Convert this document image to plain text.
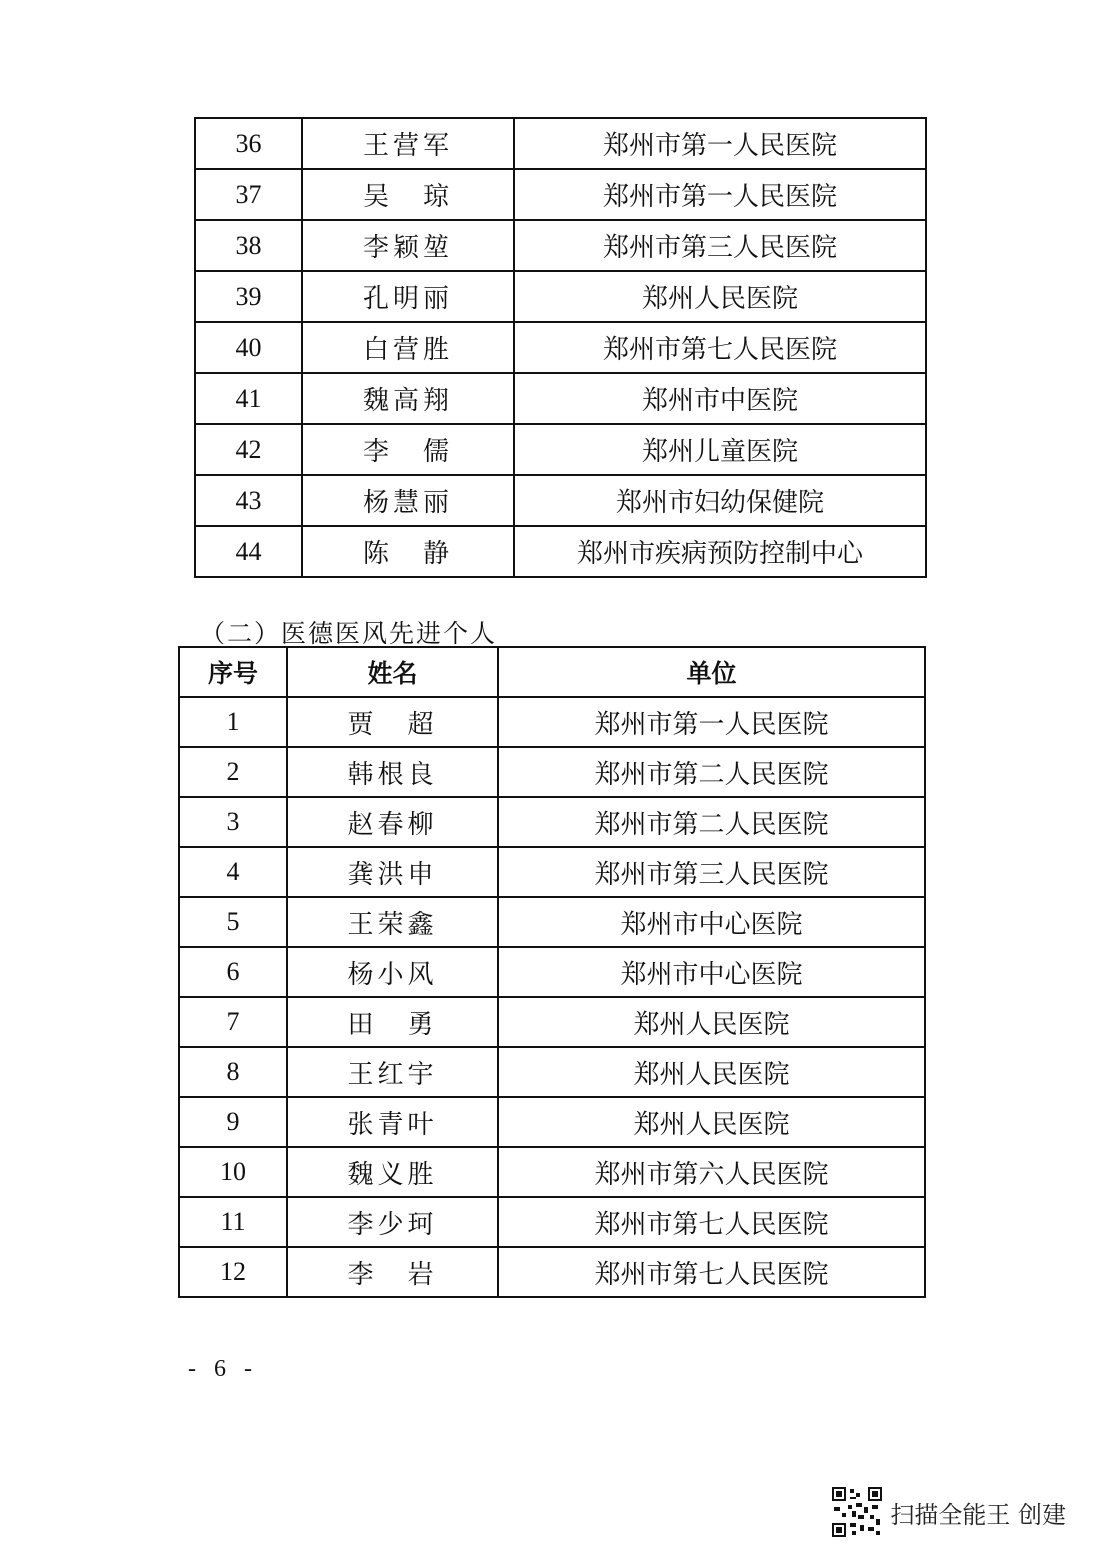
36	王营军	郑州市第一人民医院
37	吴　琼	郑州市第一人民医院
38	李颖堃	郑州市第三人民医院
39	孔明丽	郑州人民医院
40	白营胜	郑州市第七人民医院
41	魏高翔	郑州市中医院
42	李　儒	郑州儿童医院
43	杨慧丽	郑州市妇幼保健院
44	陈　静	郑州市疾病预防控制中心
（二）医德医风先进个人
序号	姓名	单位
1	贾　超	郑州市第一人民医院
2	韩根良	郑州市第二人民医院
3	赵春柳	郑州市第二人民医院
4	龚洪申	郑州市第三人民医院
5	王荣鑫	郑州市中心医院
6	杨小风	郑州市中心医院
7	田　勇	郑州人民医院
8	王红宇	郑州人民医院
9	张青叶	郑州人民医院
10	魏义胜	郑州市第六人民医院
11	李少珂	郑州市第七人民医院
12	李　岩	郑州市第七人民医院
- 6 -
扫描全能王 创建
